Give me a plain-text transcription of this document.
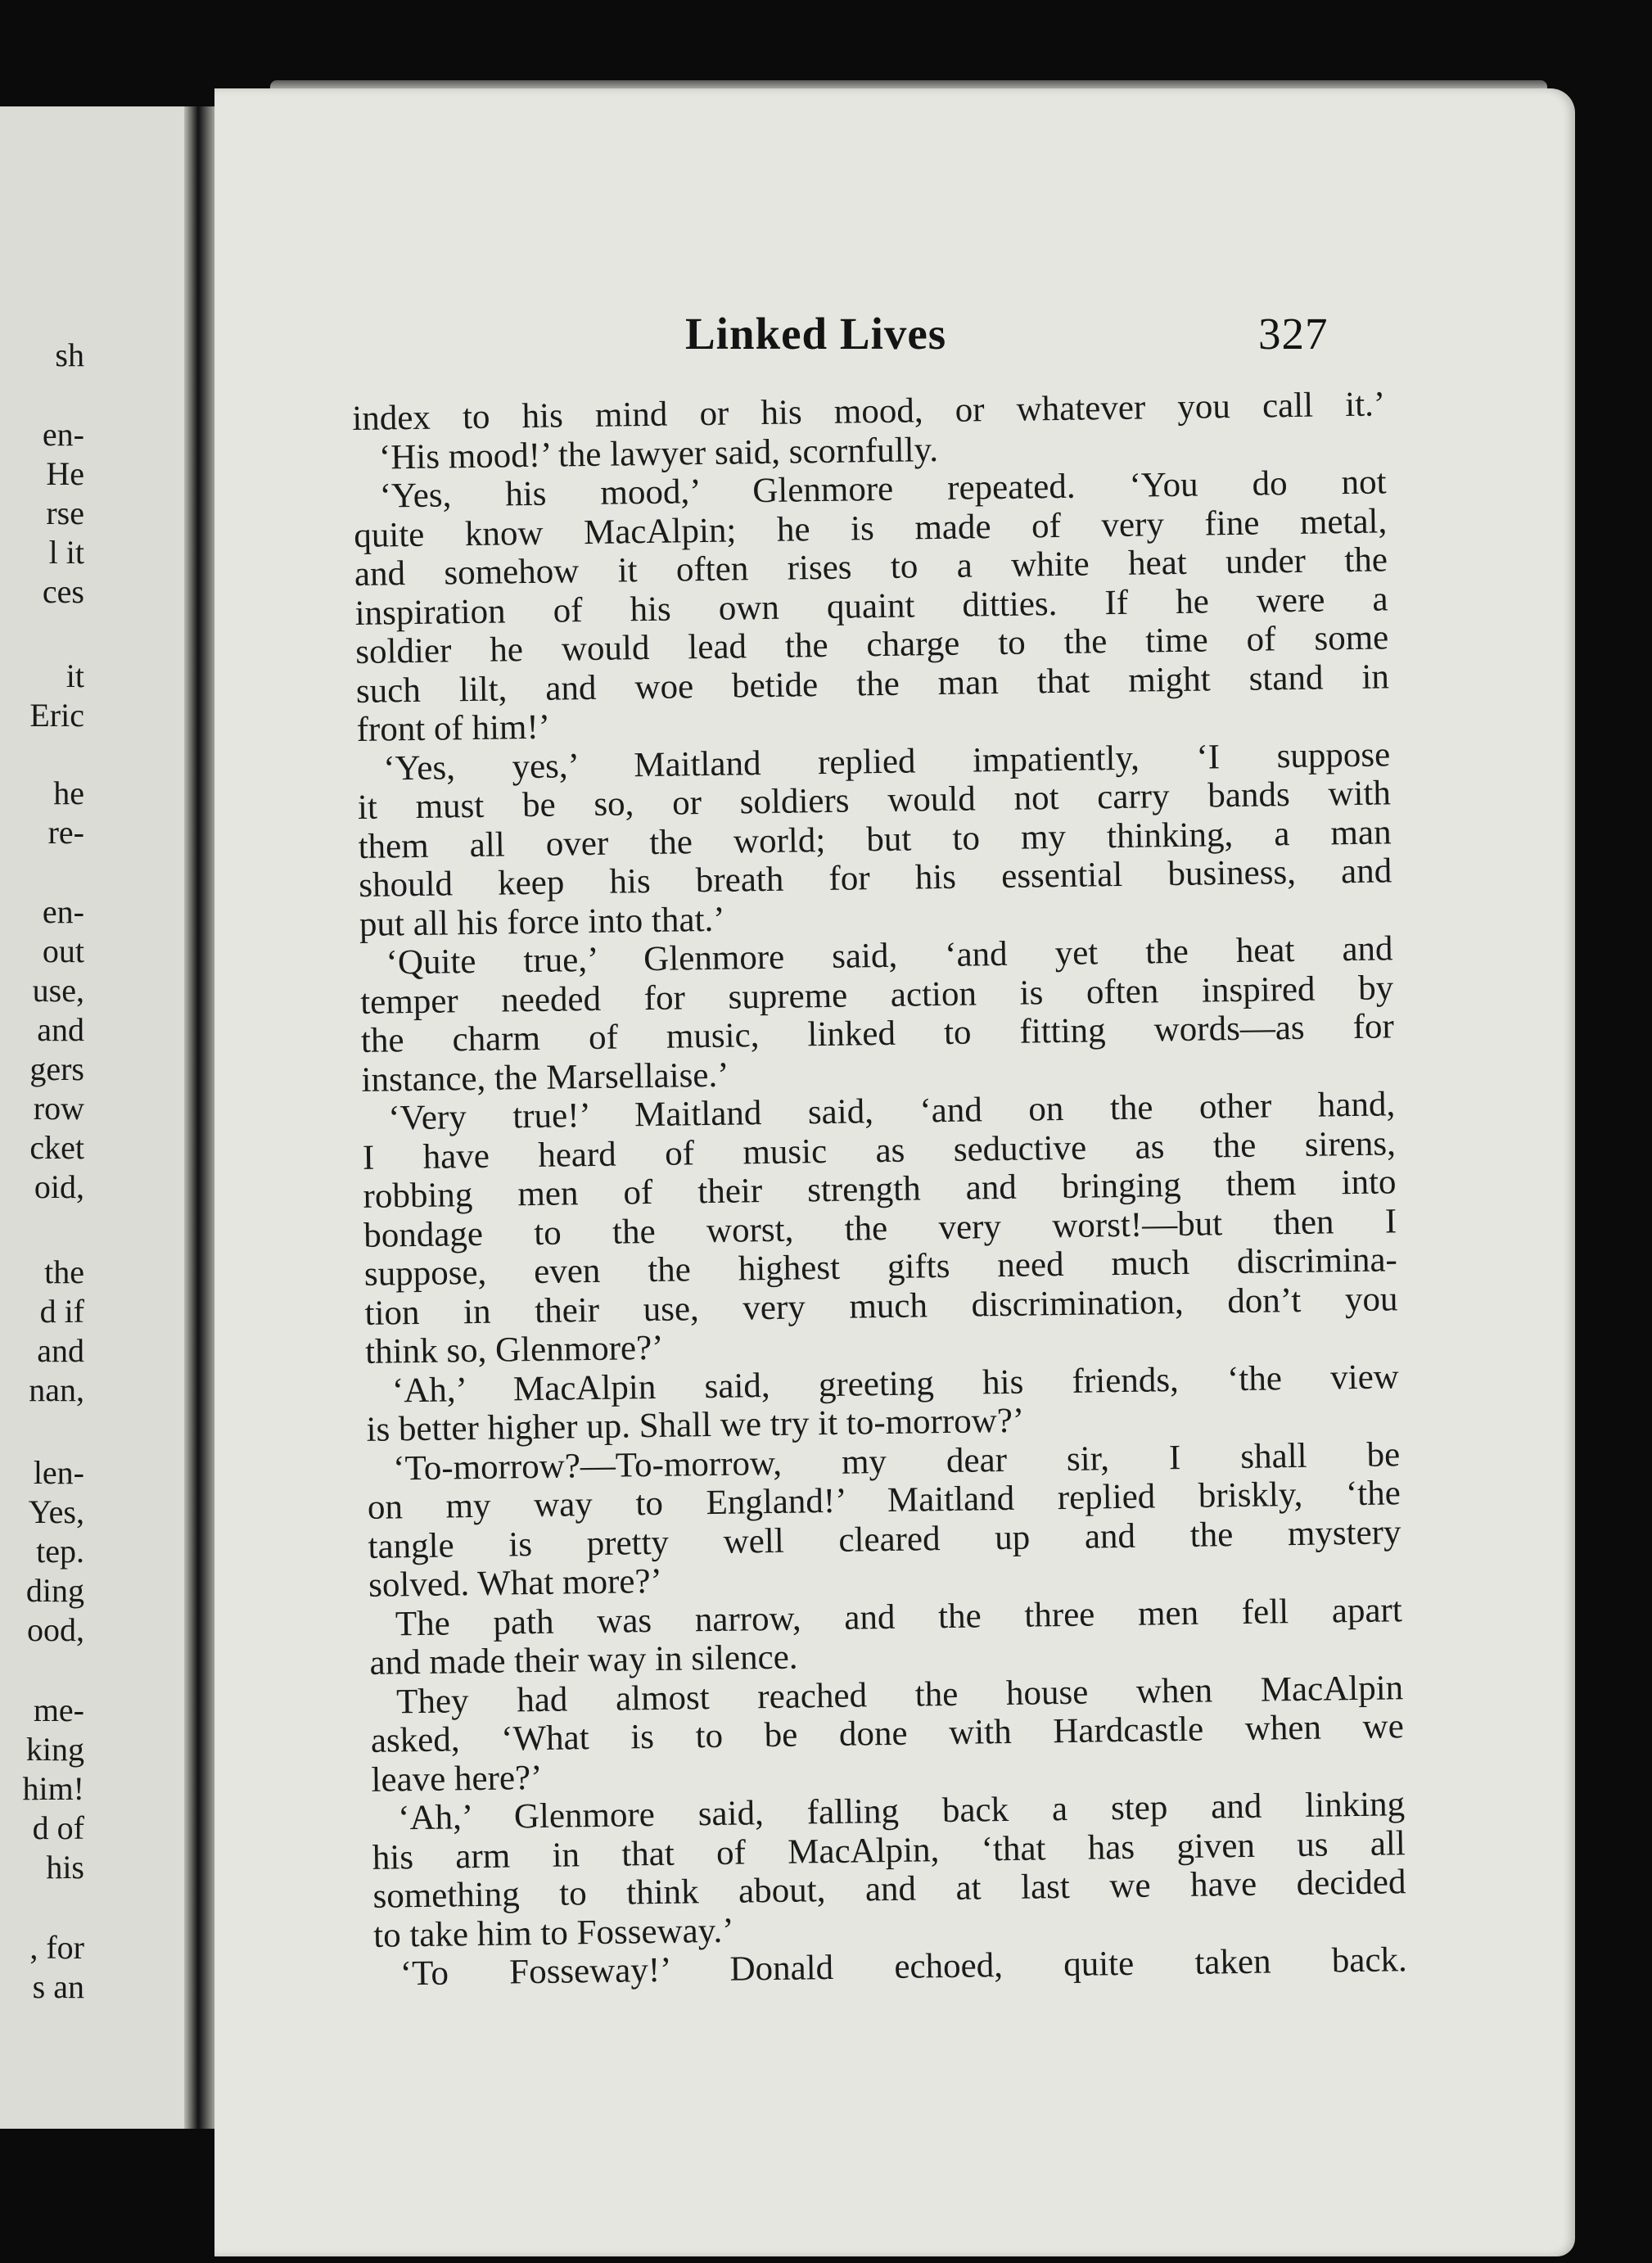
sh
en-
He
rse
l it
ces
it
Eric
he
re-
en-
out
use,
and
gers
row
cket
oid,
the
d if
and
nan,
len-
Yes,
tep.
ding
ood,
me-
king
him!
d of
his
, for
s an
Linked Lives	327
index to his mind or his mood, or whatever you call it.’
‘His mood!’ the lawyer said, scornfully.
‘Yes, his mood,’ Glenmore repeated. ‘You do not
quite know MacAlpin; he is made of very fine metal,
and somehow it often rises to a white heat under the
inspiration of his own quaint ditties. If he were a
soldier he would lead the charge to the time of some
such lilt, and woe betide the man that might stand in
front of him!’
‘Yes, yes,’ Maitland replied impatiently, ‘I suppose
it must be so, or soldiers would not carry bands with
them all over the world; but to my thinking, a man
should keep his breath for his essential business, and
put all his force into that.’
‘Quite true,’ Glenmore said, ‘and yet the heat and
temper needed for supreme action is often inspired by
the charm of music, linked to fitting words—as for
instance, the Marsellaise.’
‘Very true!’ Maitland said, ‘and on the other hand,
I have heard of music as seductive as the sirens,
robbing men of their strength and bringing them into
bondage to the worst, the very worst!—but then I
suppose, even the highest gifts need much discrimina-
tion in their use, very much discrimination, don’t you
think so, Glenmore?’
‘Ah,’ MacAlpin said, greeting his friends, ‘the view
is better higher up. Shall we try it to-morrow?’
‘To-morrow?—To-morrow, my dear sir, I shall be
on my way to England!’ Maitland replied briskly, ‘the
tangle is pretty well cleared up and the mystery
solved. What more?’
The path was narrow, and the three men fell apart
and made their way in silence.
They had almost reached the house when MacAlpin
asked, ‘What is to be done with Hardcastle when we
leave here?’
‘Ah,’ Glenmore said, falling back a step and linking
his arm in that of MacAlpin, ‘that has given us all
something to think about, and at last we have decided
to take him to Fosseway.’
‘To Fosseway!’ Donald echoed, quite taken back.
